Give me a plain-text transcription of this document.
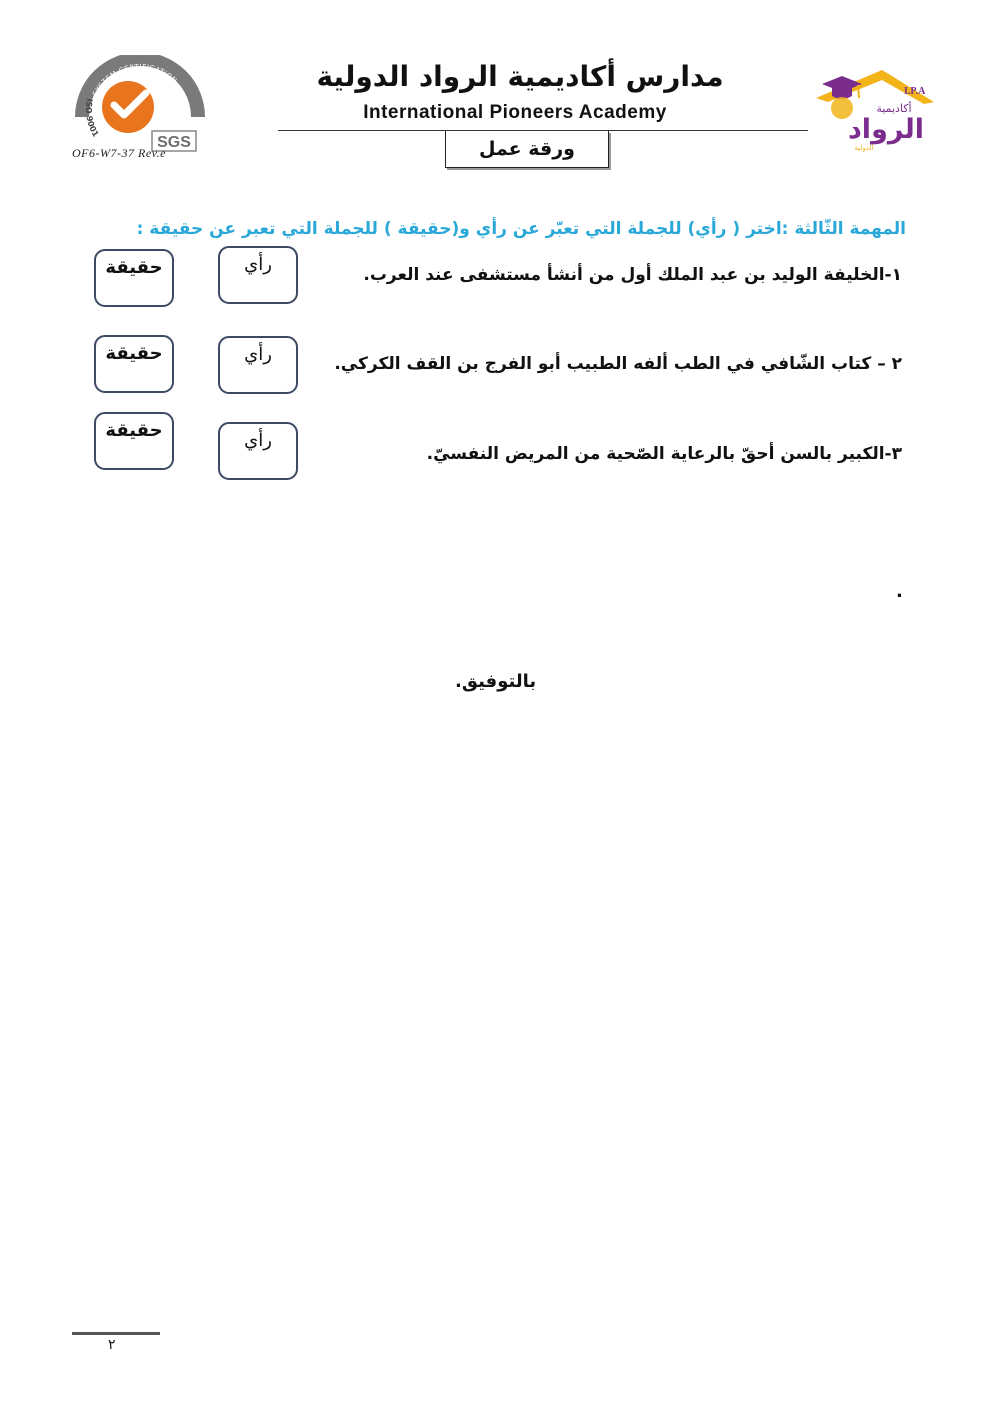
مدارس أكاديمية الرواد الدولية
International Pioneers Academy
ورقة عمل
SYSTEM CERTIFICATION
ISO 9001
SGS
OF6-W7-37 Rev.e
I.P.A
أكاديمية
الرواد
الدولية
المهمة الثّالثة :اختر ( رأي) للجملة التي تعبّر عن رأي و(حقيقة ) للجملة التي تعبر عن حقيقة :
١-الخليفة الوليد بن عبد الملك أول من أنشأ مستشفى عند العرب.
رأي
حقيقة
٢ – كتاب الشّافي في الطب ألفه الطبيب أبو الفرج بن القف الكركي.
رأي
حقيقة
٣-الكبير بالسن أحقّ بالرعاية الصّحية من المريض النفسيّ.
رأي
حقيقة
.
بالتوفيق.
٢
